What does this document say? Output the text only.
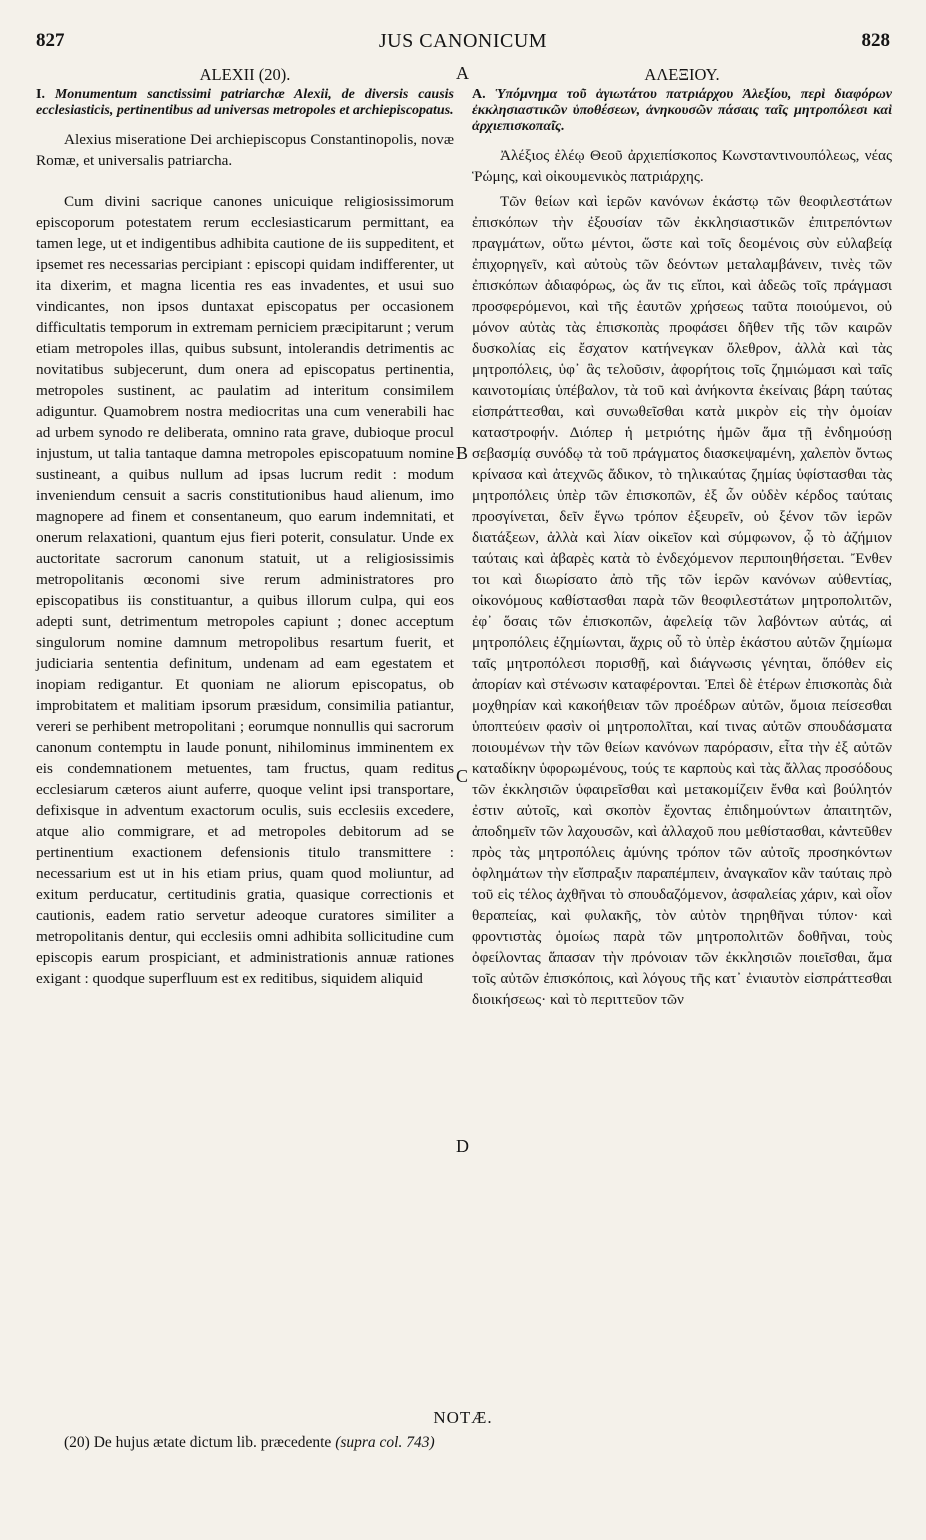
827	JUS CANONICUM	828
ALEXII (20).
I. Monumentum sanctissimi patriarchæ Alexii, de diversis causis ecclesiasticis, pertinentibus ad universas metropoles et archiepiscopatus.

Alexius miseratione Dei archiepiscopus Constantinopolis, novæ Romæ, et universalis patriarcha.

Cum divini sacrique canones unicuique religiosissimorum episcoporum potestatem rerum ecclesiasticarum permittant, ea tamen lege, ut et indigentibus adhibita cautione de iis suppeditent, et ipsemet res necessarias percipiant : episcopi quidam indifferenter, ut ita dixerim, et magna licentia res eas invadentes, et usui suo vindicantes, non ipsos duntaxat episcopatus per occasionem difficultatis temporum in extremam perniciem præcipitarunt ; verum etiam metropoles illas, quibus subsunt, intolerandis detrimentis ac novitatibus subjecerunt, dum onera ad episcopatus pertinentia, metropoles sustinent, ac paulatim ad interitum consimilem adiguntur. Quamobrem nostra mediocritas una cum venerabili hac ad urbem synodo re deliberata, omnino rata grave, dubioque procul injustum, ut talia tantaque damna metropoles episcopatuum nomine sustineant, a quibus nullum ad ipsas lucrum redit : modum inveniendum censuit a sacris constitutionibus haud alienum, imo magnopere ad finem et consentaneum, quo earum indemnitati, et onerum relaxationi, quantum ejus fieri poterit, consulatur. Unde ex auctoritate sacrorum canonum statuit, ut a religiosissimis metropolitanis œconomi sive rerum administratores pro episcopatibus iis constituantur, a quibus illorum culpa, qui eos adepti sunt, detrimentum metropoles capiunt ; donec acceptum singulorum nomine damnum metropolibus resartum fuerit, et judiciaria sententia definitum, undenam ad eam egestatem et inopiam redigantur. Et quoniam ne aliorum episcopatus, ob improbitatem et malitiam ipsorum præsidum, consimilia patiantur, vereri se perhibent metropolitani ; eorumque nonnullis qui sacrorum canonum contemptu in laude ponunt, nihilominus imminentem ex eis condemnationem metuentes, tam fructus, quam reditus ecclesiarum cæteros aiunt auferre, quoque velint ipsi transportare, defixisque in adventum exactorum oculis, suis ecclesiis excedere, atque alio commigrare, et ad metropoles debitorum ad se pertinentium exactionem defensionis titulo transmittere : necessarium est ut in his etiam prius, quam quod moliuntur, ad exitum perducatur, certitudinis gratia, quasique correctionis et cautionis, eadem ratio servetur adeoque curatores similiter a metropolitanis dentur, qui ecclesiis omni adhibita sollicitudine cum episcopis earum prospiciant, et administrationis annuæ rationes exigant : quodque superfluum est ex reditibus, siquidem aliquid

ΑΛΕΞΙΟΥ.
Α. Ὑπόμνημα τοῦ ἁγιωτάτου πατριάρχου Ἀλεξίου, περὶ διαφόρων ἐκκλησιαστικῶν ὑποθέσεων, ἀνηκουσῶν πάσαις ταῖς μητροπόλεσι καὶ ἀρχιεπισκοπαῖς.

Ἀλέξιος ἐλέῳ Θεοῦ ἀρχιεπίσκοπος Κωνσταντινουπόλεως, νέας Ῥώμης, καὶ οἰκουμενικὸς πατριάρχης.

Τῶν θείων καὶ ἱερῶν κανόνων ἑκάστῳ τῶν θεοφιλεστάτων ἐπισκόπων τὴν ἐξουσίαν τῶν ἐκκλησιαστικῶν ἐπιτρεπόντων πραγμάτων, οὕτω μέντοι, ὥστε καὶ τοῖς δεομένοις σὺν εὐλαβείᾳ ἐπιχορηγεῖν, καὶ αὐτοὺς τῶν δεόντων μεταλαμβάνειν, τινὲς τῶν ἐπισκόπων ἀδιαφόρως, ὡς ἄν τις εἴποι, καὶ ἀδεῶς τοῖς πράγμασι προσφερόμενοι, καὶ τῆς ἑαυτῶν χρήσεως ταῦτα ποιούμενοι, οὐ μόνον αὐτὰς τὰς ἐπισκοπὰς προφάσει δῆθεν τῆς τῶν καιρῶν δυσκολίας εἰς ἔσχατον κατήνεγκαν ὄλεθρον, ἀλλὰ καὶ τὰς μητροπόλεις, ὑφ᾽ ἃς τελοῦσιν, ἀφορήτοις τοῖς ζημιώμασι καὶ ταῖς καινοτομίαις ὑπέβαλον, τὰ τοῦ καὶ ἀνήκοντα ἐκείναις βάρη ταύτας εἰσπράττεσθαι, καὶ συνωθεῖσθαι κατὰ μικρὸν εἰς τὴν ὁμοίαν καταστροφήν. Διόπερ ἡ μετριότης ἡμῶν ἅμα τῇ ἐνδημούσῃ σεβασμίᾳ συνόδῳ τὰ τοῦ πράγματος διασκεψαμένη, χαλεπὸν ὄντως κρίνασα καὶ ἀτεχνῶς ἄδικον, τὸ τηλικαύτας ζημίας ὑφίστασθαι τὰς μητροπόλεις ὑπὲρ τῶν ἐπισκοπῶν, ἐξ ὧν οὐδὲν κέρδος ταύταις προσγίνεται, δεῖν ἔγνω τρόπον ἐξευρεῖν, οὐ ξένον τῶν ἱερῶν διατάξεων, ἀλλὰ καὶ λίαν οἰκεῖον καὶ σύμφωνον, ᾧ τὸ ἀζήμιον ταύταις καὶ ἀβαρὲς κατὰ τὸ ἐνδεχόμενον περιποιηθήσεται. Ἔνθεν τοι καὶ διωρίσατο ἀπὸ τῆς τῶν ἱερῶν κανόνων αὐθεντίας, οἰκονόμους καθίστασθαι παρὰ τῶν θεοφιλεστάτων μητροπολιτῶν, ἐφ᾽ ὅσαις τῶν ἐπισκοπῶν, ἀφελείᾳ τῶν λαβόντων αὐτάς, αἱ μητροπόλεις ἐζημίωνται, ἄχρις οὗ τὸ ὑπὲρ ἑκάστου αὐτῶν ζημίωμα ταῖς μητροπόλεσι πορισθῇ, καὶ διάγνωσις γένηται, ὅπόθεν εἰς ἀπορίαν καὶ στένωσιν καταφέρονται. Ἐπεὶ δὲ ἑτέρων ἐπισκοπὰς διὰ μοχθηρίαν καὶ κακοήθειαν τῶν προέδρων αὐτῶν, ὅμοια πείσεσθαι ὑποπτεύειν φασὶν οἱ μητροπολῖται, καί τινας αὐτῶν σπουδάσματα ποιουμένων τὴν τῶν θείων κανόνων παρόρασιν, εἶτα τὴν ἐξ αὐτῶν καταδίκην ὑφορωμένους, τούς τε καρποὺς καὶ τὰς ἄλλας προσόδους τῶν ἐκκλησιῶν ὑφαιρεῖσθαι καὶ μετακομίζειν ἔνθα καὶ βούλητόν ἐστιν αὐτοῖς, καὶ σκοπὸν ἔχοντας ἐπιδημούντων ἀπαιτητῶν, ἀποδημεῖν τῶν λαχουσῶν, καὶ ἀλλαχοῦ που μεθίστασθαι, κἀντεῦθεν πρὸς τὰς μητροπόλεις ἀμύνης τρόπον τῶν αὐτοῖς προσηκόντων ὀφλημάτων τὴν εἴσπραξιν παραπέμπειν, ἀναγκαῖον κἂν ταύταις πρὸ τοῦ εἰς τέλος ἀχθῆναι τὸ σπουδαζόμενον, ἀσφαλείας χάριν, καὶ οἷον θεραπείας, καὶ φυλακῆς, τὸν αὐτὸν τηρηθῆναι τύπον· καὶ φροντιστὰς ὁμοίως παρὰ τῶν μητροπολιτῶν δοθῆναι, τοὺς ὀφείλοντας ἅπασαν τὴν πρόνοιαν τῶν ἐκκλησιῶν ποιεῖσθαι, ἅμα τοῖς αὐτῶν ἐπισκόποις, καὶ λόγους τῆς κατ᾽ ἐνιαυτὸν εἰσπράττεσθαι διοικήσεως· καὶ τὸ περιττεῦον τῶν

A
B
C
D
NOTÆ.
(20) De hujus ætate dictum lib. præcedente (supra col. 743)
